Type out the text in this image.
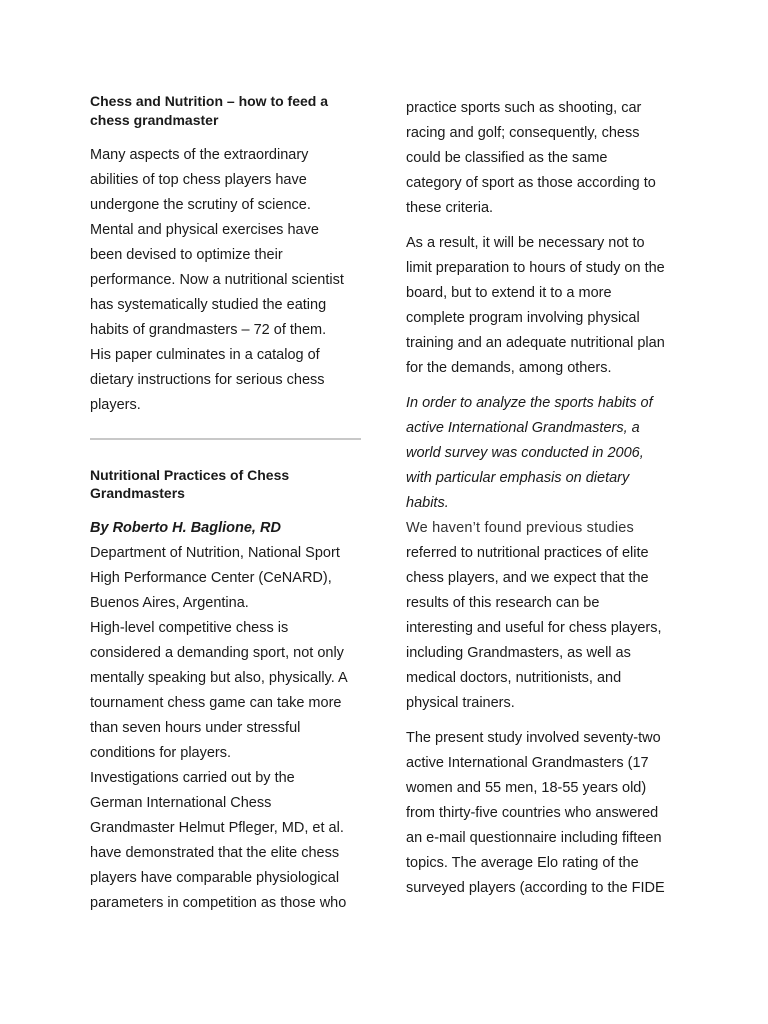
Chess and Nutrition – how to feed a
chess grandmaster

Many aspects of the extraordinary
abilities of top chess players have
undergone the scrutiny of science.
Mental and physical exercises have
been devised to optimize their
performance. Now a nutritional scientist
has systematically studied the eating
habits of grandmasters – 72 of them.
His paper culminates in a catalog of
dietary instructions for serious chess
players.

Nutritional Practices of Chess
Grandmasters

By Roberto H. Baglione, RD

Department of Nutrition, National Sport
High Performance Center (CeNARD),
Buenos Aires, Argentina.
High-level competitive chess is
considered a demanding sport, not only
mentally speaking but also, physically. A
tournament chess game can take more
than seven hours under stressful
conditions for players.
Investigations carried out by the
German International Chess
Grandmaster Helmut Pfleger, MD, et al.
have demonstrated that the elite chess
players have comparable physiological
parameters in competition as those who

practice sports such as shooting, car
racing and golf; consequently, chess
could be classified as the same
category of sport as those according to
these criteria.

As a result, it will be necessary not to
limit preparation to hours of study on the
board, but to extend it to a more
complete program involving physical
training and an adequate nutritional plan
for the demands, among others.

In order to analyze the sports habits of
active International Grandmasters, a
world survey was conducted in 2006,
with particular emphasis on dietary
habits.

We haven’t found previous studies
referred to nutritional practices of elite
chess players, and we expect that the
results of this research can be
interesting and useful for chess players,
including Grandmasters, as well as
medical doctors, nutritionists, and
physical trainers.

The present study involved seventy-two
active International Grandmasters (17
women and 55 men, 18-55 years old)
from thirty-five countries who answered
an e-mail questionnaire including fifteen
topics. The average Elo rating of the
surveyed players (according to the FIDE
